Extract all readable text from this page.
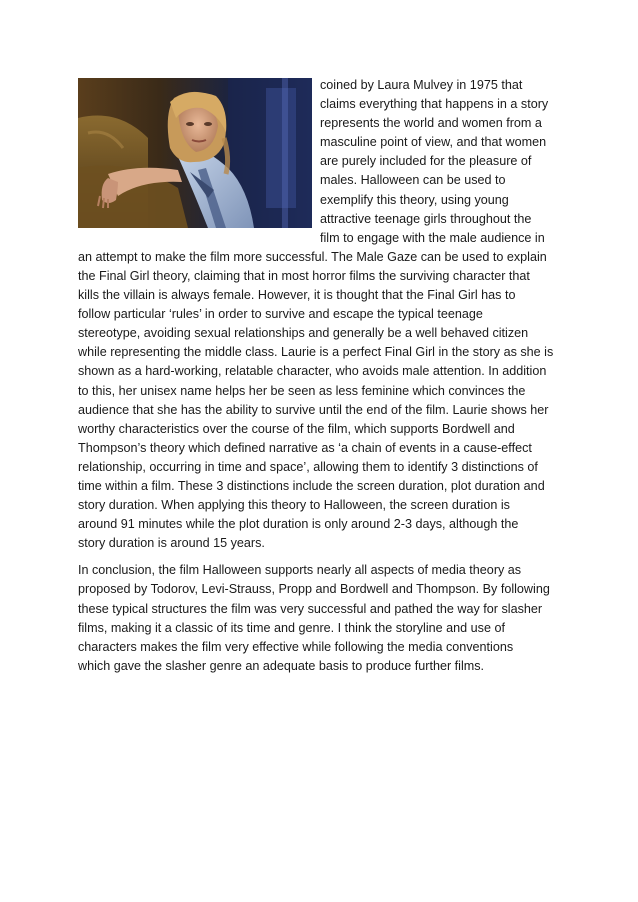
coined by Laura Mulvey in 1975 that
claims everything that happens in a story
represents the world and women from a
masculine point of view, and that women
are purely included for the pleasure of
males. Halloween can be used to
exemplify this theory, using young
attractive teenage girls throughout the
film to engage with the male audience in
an attempt to make the film more successful. The Male Gaze can be used to explain
the Final Girl theory, claiming that in most horror films the surviving character that
kills the villain is always female. However, it is thought that the Final Girl has to
follow particular ‘rules’ in order to survive and escape the typical teenage
stereotype, avoiding sexual relationships and generally be a well behaved citizen
while representing the middle class. Laurie is a perfect Final Girl in the story as she is
shown as a hard-working, relatable character, who avoids male attention. In addition
to this, her unisex name helps her be seen as less feminine which convinces the
audience that she has the ability to survive until the end of the film. Laurie shows her
worthy characteristics over the course of the film, which supports Bordwell and
Thompson’s theory which defined narrative as ‘a chain of events in a cause-effect
relationship, occurring in time and space’, allowing them to identify 3 distinctions of
time within a film. These 3 distinctions include the screen duration, plot duration and
story duration. When applying this theory to Halloween, the screen duration is
around 91 minutes while the plot duration is only around 2-3 days, although the
story duration is around 15 years.

In conclusion, the film Halloween supports nearly all aspects of media theory as
proposed by Todorov, Levi-Strauss, Propp and Bordwell and Thompson. By following
these typical structures the film was very successful and pathed the way for slasher
films, making it a classic of its time and genre. I think the storyline and use of
characters makes the film very effective while following the media conventions
which gave the slasher genre an adequate basis to produce further films.
